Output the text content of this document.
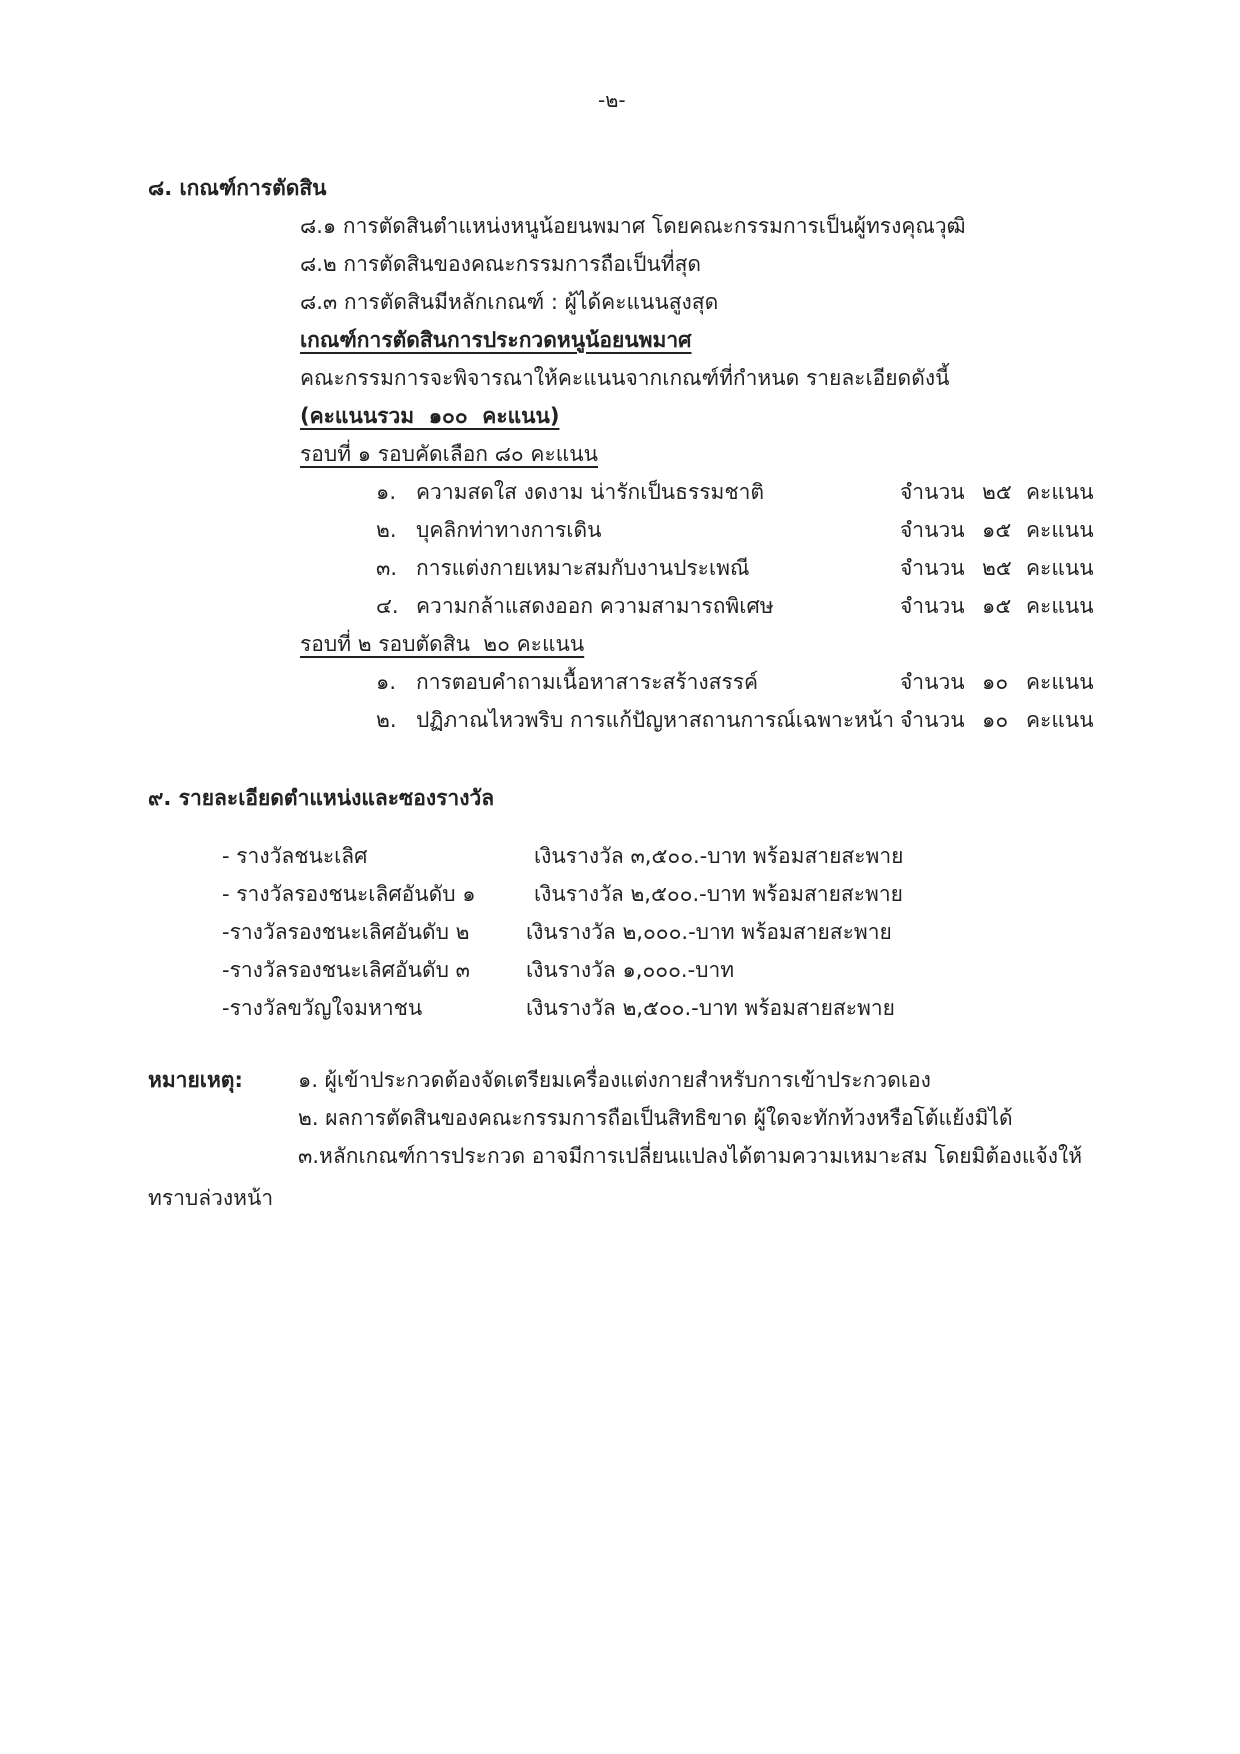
-๒-
๘. เกณฑ์การตัดสิน
๘.๑ การตัดสินตำแหน่งหนูน้อยนพมาศ โดยคณะกรรมการเป็นผู้ทรงคุณวุฒิ
๘.๒ การตัดสินของคณะกรรมการถือเป็นที่สุด
๘.๓ การตัดสินมีหลักเกณฑ์ : ผู้ได้คะแนนสูงสุด
เกณฑ์การตัดสินการประกวดหนูน้อยนพมาศ
คณะกรรมการจะพิจารณาให้คะแนนจากเกณฑ์ที่กำหนด รายละเอียดดังนี้
(คะแนนรวม  ๑๐๐  คะแนน)
รอบที่ ๑ รอบคัดเลือก ๘๐ คะแนน
๑. ความสดใส งดงาม น่ารักเป็นธรรมชาติ	จำนวน ๒๕ คะแนน
๒. บุคลิกท่าทางการเดิน	จำนวน ๑๕ คะแนน
๓. การแต่งกายเหมาะสมกับงานประเพณี	จำนวน ๒๕ คะแนน
๔. ความกล้าแสดงออก ความสามารถพิเศษ	จำนวน ๑๕ คะแนน
รอบที่ ๒ รอบตัดสิน  ๒๐ คะแนน
๑. การตอบคำถามเนื้อหาสาระสร้างสรรค์	จำนวน ๑๐ คะแนน
๒. ปฏิภาณไหวพริบ การแก้ปัญหาสถานการณ์เฉพาะหน้า จำนวน ๑๐ คะแนน
๙. รายละเอียดตำแหน่งและซองรางวัล
- รางวัลชนะเลิศ	เงินรางวัล ๓,๕๐๐.-บาท พร้อมสายสะพาย
- รางวัลรองชนะเลิศอันดับ ๑	เงินรางวัล ๒,๕๐๐.-บาท พร้อมสายสะพาย
-รางวัลรองชนะเลิศอันดับ ๒	เงินรางวัล ๒,๐๐๐.-บาท พร้อมสายสะพาย
-รางวัลรองชนะเลิศอันดับ ๓	เงินรางวัล ๑,๐๐๐.-บาท
-รางวัลขวัญใจมหาชน	เงินรางวัล ๒,๕๐๐.-บาท พร้อมสายสะพาย
หมายเหตุ:	๑. ผู้เข้าประกวดต้องจัดเตรียมเครื่องแต่งกายสำหรับการเข้าประกวดเอง
๒. ผลการตัดสินของคณะกรรมการถือเป็นสิทธิขาด ผู้ใดจะทักท้วงหรือโต้แย้งมิได้
๓.หลักเกณฑ์การประกวด อาจมีการเปลี่ยนแปลงได้ตามความเหมาะสม โดยมิต้องแจ้งให้
ทราบล่วงหน้า
